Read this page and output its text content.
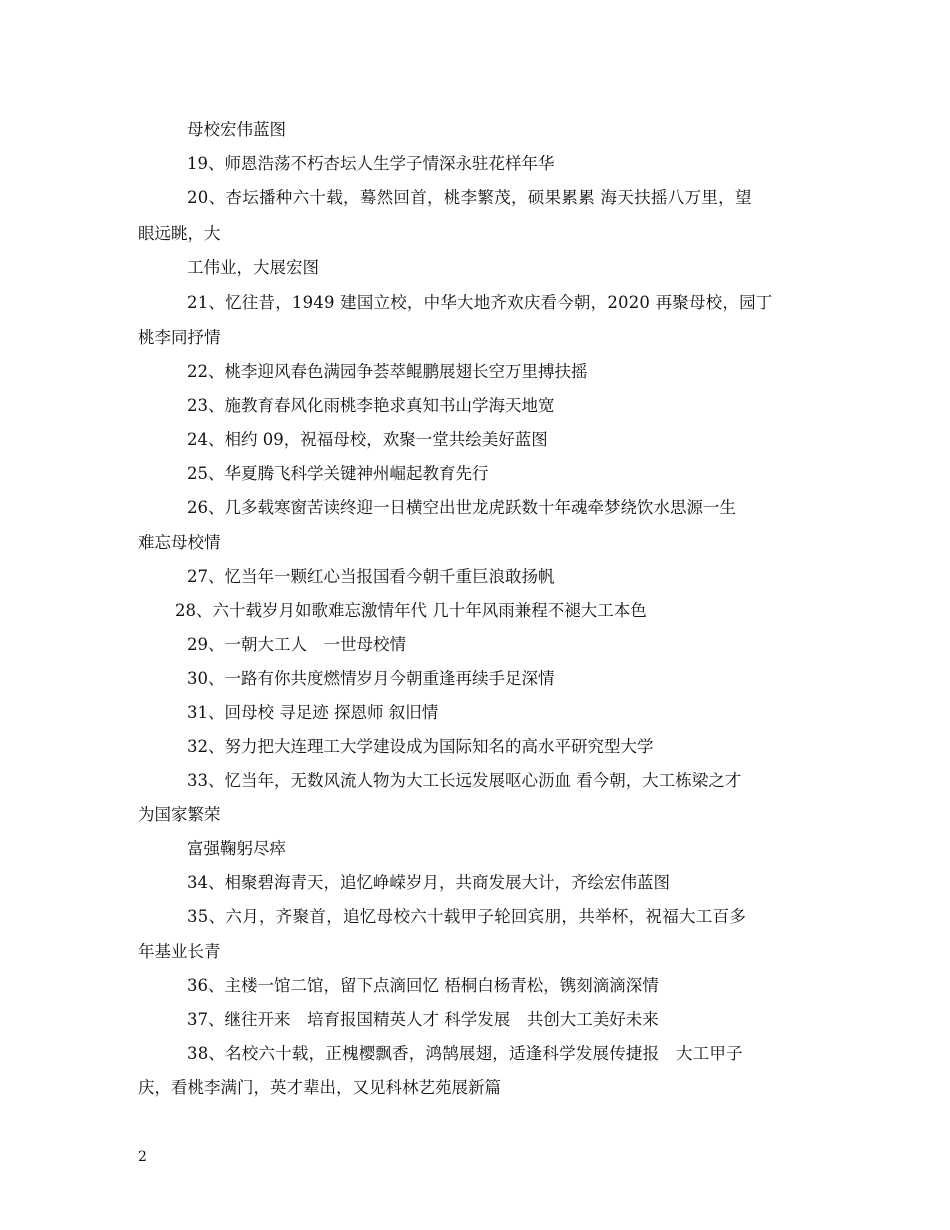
母校宏伟蓝图

19、师恩浩荡不朽杏坛人生学子情深永驻花样年华

20、杏坛播种六十载，蓦然回首，桃李繁茂，硕果累累 海天扶摇八万里，望

眼远眺，大

工伟业，大展宏图

21、忆往昔，1949 建国立校，中华大地齐欢庆看今朝，2020 再聚母校，园丁

桃李同抒情

22、桃李迎风春色满园争荟萃鲲鹏展翅长空万里搏扶摇

23、施教育春风化雨桃李艳求真知书山学海天地宽

24、相约 09，祝福母校，欢聚一堂共绘美好蓝图

25、华夏腾飞科学关键神州崛起教育先行

26、几多载寒窗苦读终迎一日横空出世龙虎跃数十年魂牵梦绕饮水思源一生

难忘母校情

27、忆当年一颗红心当报国看今朝千重巨浪敢扬帆

28、六十载岁月如歌难忘激情年代 几十年风雨兼程不褪大工本色

29、一朝大工人　一世母校情

30、一路有你共度燃情岁月今朝重逢再续手足深情

31、回母校 寻足迹 探恩师 叙旧情

32、努力把大连理工大学建设成为国际知名的高水平研究型大学

33、忆当年，无数风流人物为大工长远发展呕心沥血 看今朝，大工栋梁之才

为国家繁荣

富强鞠躬尽瘁

34、相聚碧海青天，追忆峥嵘岁月，共商发展大计，齐绘宏伟蓝图

35、六月，齐聚首，追忆母校六十载甲子轮回宾朋，共举杯，祝福大工百多

年基业长青

36、主楼一馆二馆，留下点滴回忆 梧桐白杨青松，镌刻滴滴深情

37、继往开来　培育报国精英人才 科学发展　共创大工美好未来

38、名校六十载，正槐樱飘香，鸿鹄展翅，适逢科学发展传捷报　大工甲子

庆，看桃李满门，英才辈出，又见科林艺苑展新篇

2
